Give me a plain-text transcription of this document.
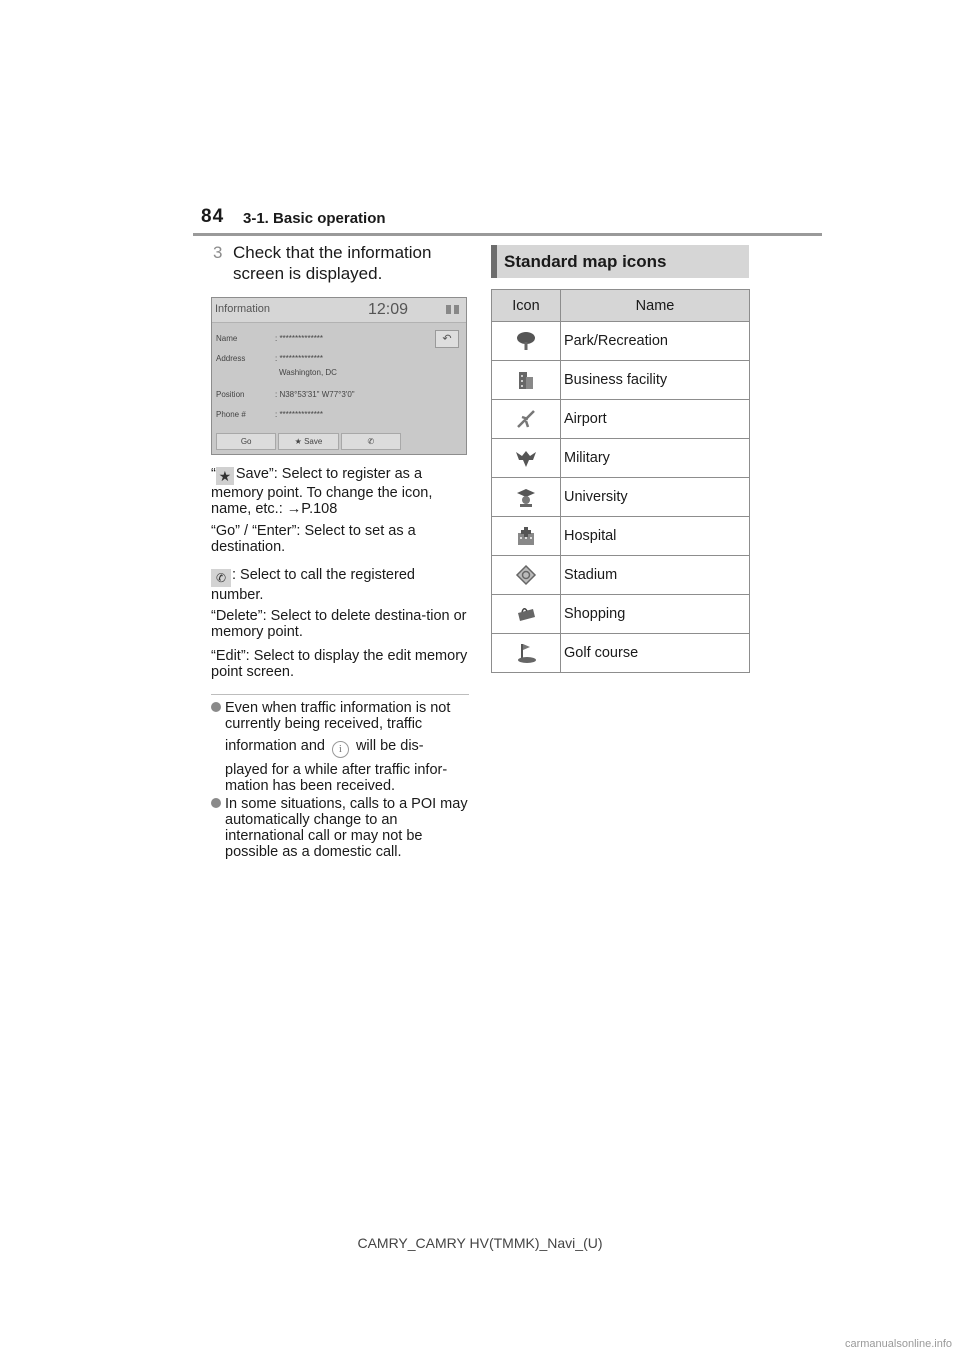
84 3-1. Basic operation
3 Check that the information screen is displayed.
Information	12:09
↶
Name	: **************
Address	: **************
Washington, DC
Position	: N38°53'31" W77°3'0"
Phone #	: **************
Go	★ Save	✆
“ ★ Save”: Select to register as a memory point. To change the icon, name, etc.: →P.108
“Go” / “Enter”: Select to set as a destination.
✆ : Select to call the registered number.
“Delete”: Select to delete destina-tion or memory point.
“Edit”: Select to display the edit memory point screen.
Even when traffic information is not currently being received, traffic
information and i will be dis-
played for a while after traffic infor-mation has been received.
In some situations, calls to a POI may automatically change to an international call or may not be possible as a domestic call.
Standard map icons
Icon	Name
	Park/Recreation
	Business facility
	Airport
	Military
	University
	Hospital
	Stadium
	Shopping
	Golf course
CAMRY_CAMRY HV(TMMK)_Navi_(U)
carmanualsonline.info
